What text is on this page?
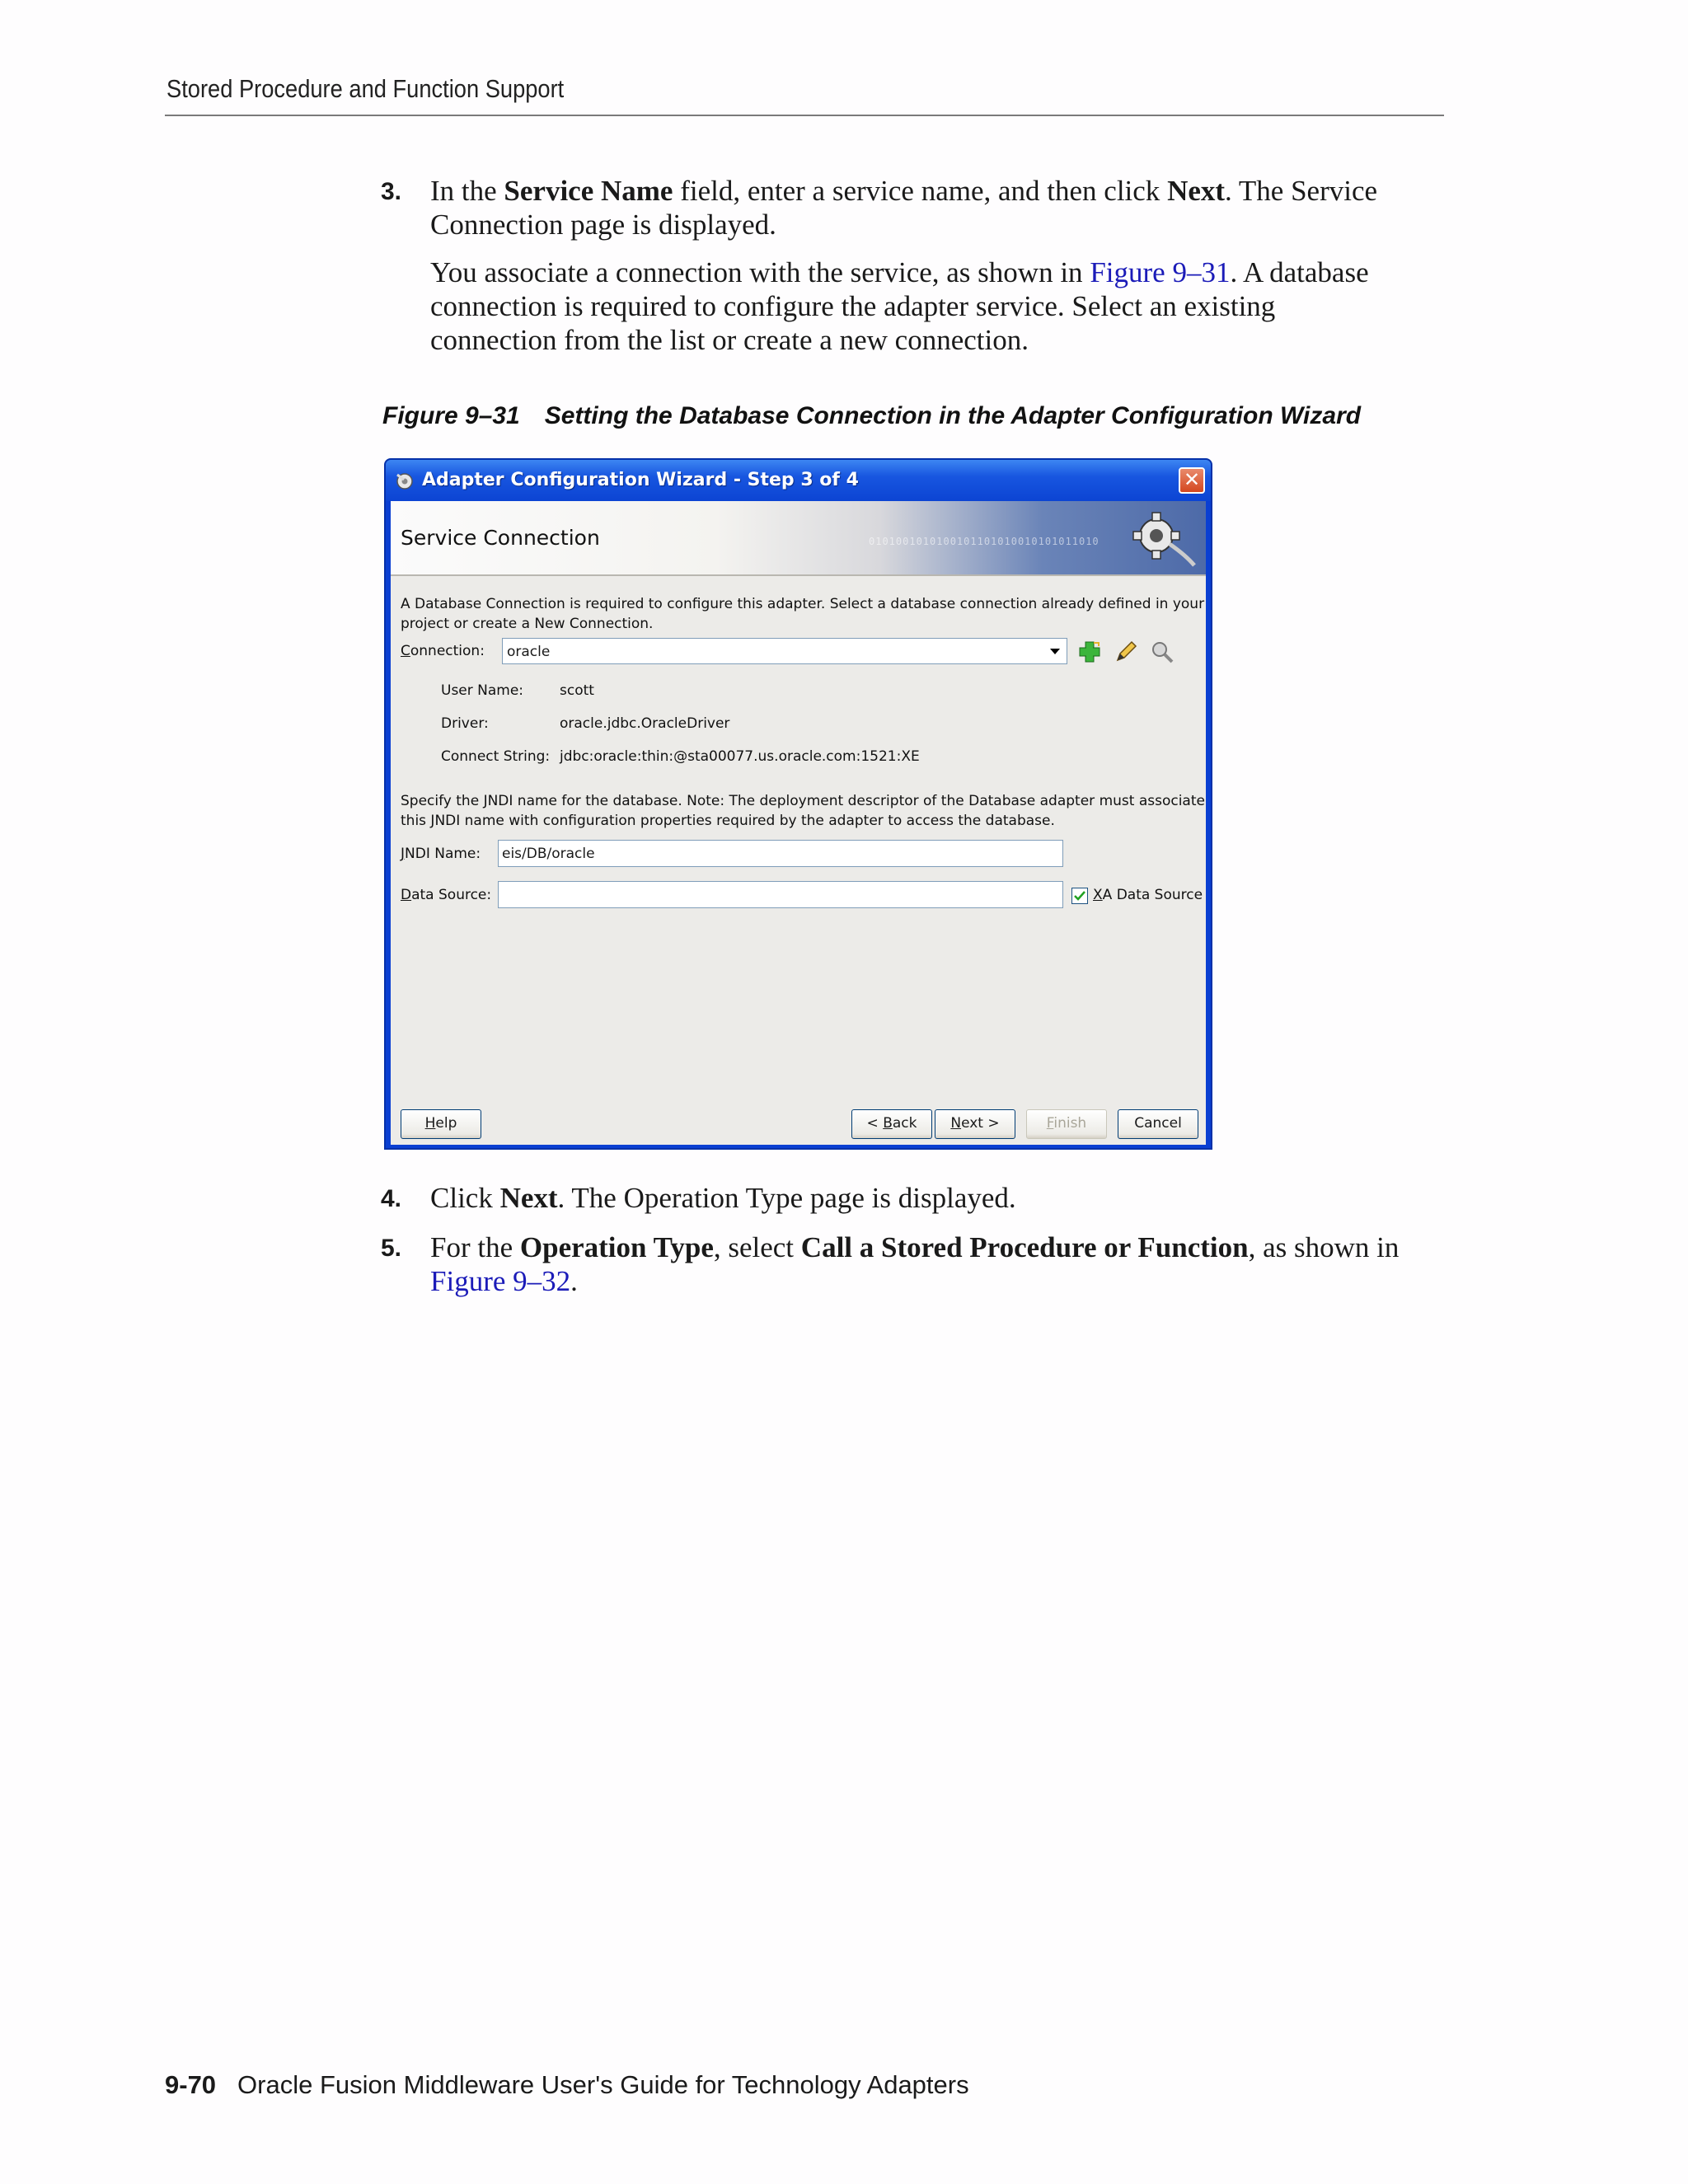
Stored Procedure and Function Support
3. In the Service Name field, enter a service name, and then click Next. The Service
Connection page is displayed.
You associate a connection with the service, as shown in Figure 9–31. A database
connection is required to configure the adapter service. Select an existing
connection from the list or create a new connection.
Figure 9–31 Setting the Database Connection in the Adapter Configuration Wizard
Adapter Configuration Wizard - Step 3 of 4	✕
Service Connection	0101001010100101101010010101011010
A Database Connection is required to configure this adapter. Select a database connection already defined in your
project or create a New Connection.
Connection: oracle
User Name:	scott
Driver:	oracle.jdbc.OracleDriver
Connect String: jdbc:oracle:thin:@sta00077.us.oracle.com:1521:XE
Specify the JNDI name for the database. Note: The deployment descriptor of the Database adapter must associate
this JNDI name with configuration properties required by the adapter to access the database.
JNDI Name: eis/DB/oracle
Data Source:	XA Data Source
Help	< Back	Next >	Finish	Cancel
4. Click Next. The Operation Type page is displayed.
5. For the Operation Type, select Call a Stored Procedure or Function, as shown in
Figure 9–32.
9-70 Oracle Fusion Middleware User's Guide for Technology Adapters
